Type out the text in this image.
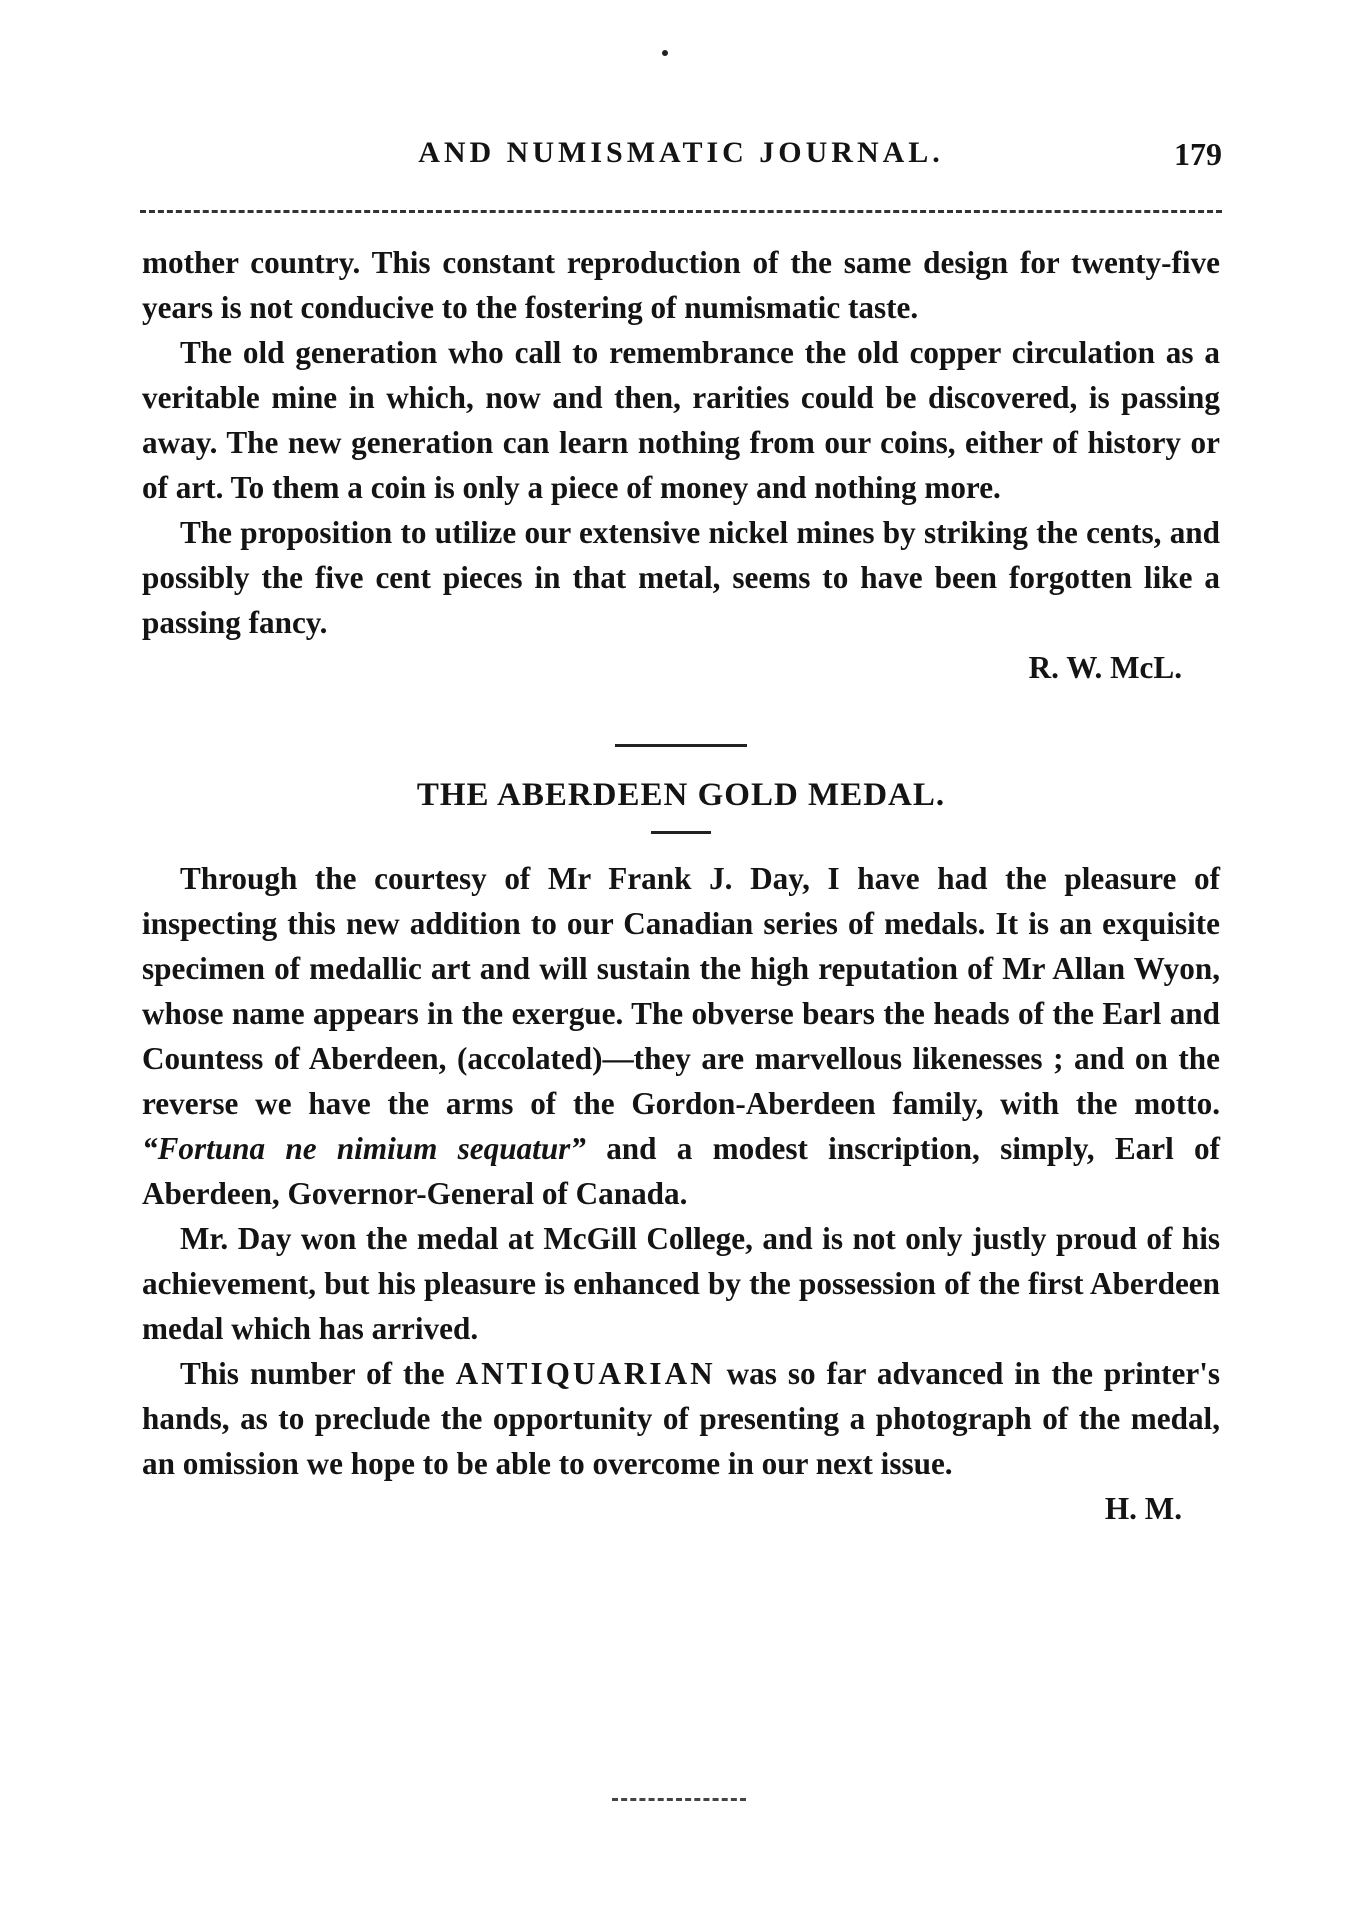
AND NUMISMATIC JOURNAL.	179

mother country. This constant reproduction of the same design for twenty-five years is not conducive to the fostering of numismatic taste.

The old generation who call to remembrance the old copper circulation as a veritable mine in which, now and then, rarities could be discovered, is passing away. The new generation can learn nothing from our coins, either of history or of art. To them a coin is only a piece of money and nothing more.

The proposition to utilize our extensive nickel mines by striking the cents, and possibly the five cent pieces in that metal, seems to have been forgotten like a passing fancy.

R. W. McL.

THE ABERDEEN GOLD MEDAL.

Through the courtesy of Mr Frank J. Day, I have had the pleasure of inspecting this new addition to our Canadian series of medals. It is an exquisite specimen of medallic art and will sustain the high reputation of Mr Allan Wyon, whose name appears in the exergue. The obverse bears the heads of the Earl and Countess of Aberdeen, (accolated)—they are marvellous likenesses ; and on the reverse we have the arms of the Gordon-Aberdeen family, with the motto. “Fortuna ne nimium sequatur” and a modest inscription, simply, Earl of Aberdeen, Governor-General of Canada.

Mr. Day won the medal at McGill College, and is not only justly proud of his achievement, but his pleasure is enhanced by the possession of the first Aberdeen medal which has arrived.

This number of the ANTIQUARIAN was so far advanced in the printer's hands, as to preclude the opportunity of presenting a photograph of the medal, an omission we hope to be able to overcome in our next issue.

H. M.
